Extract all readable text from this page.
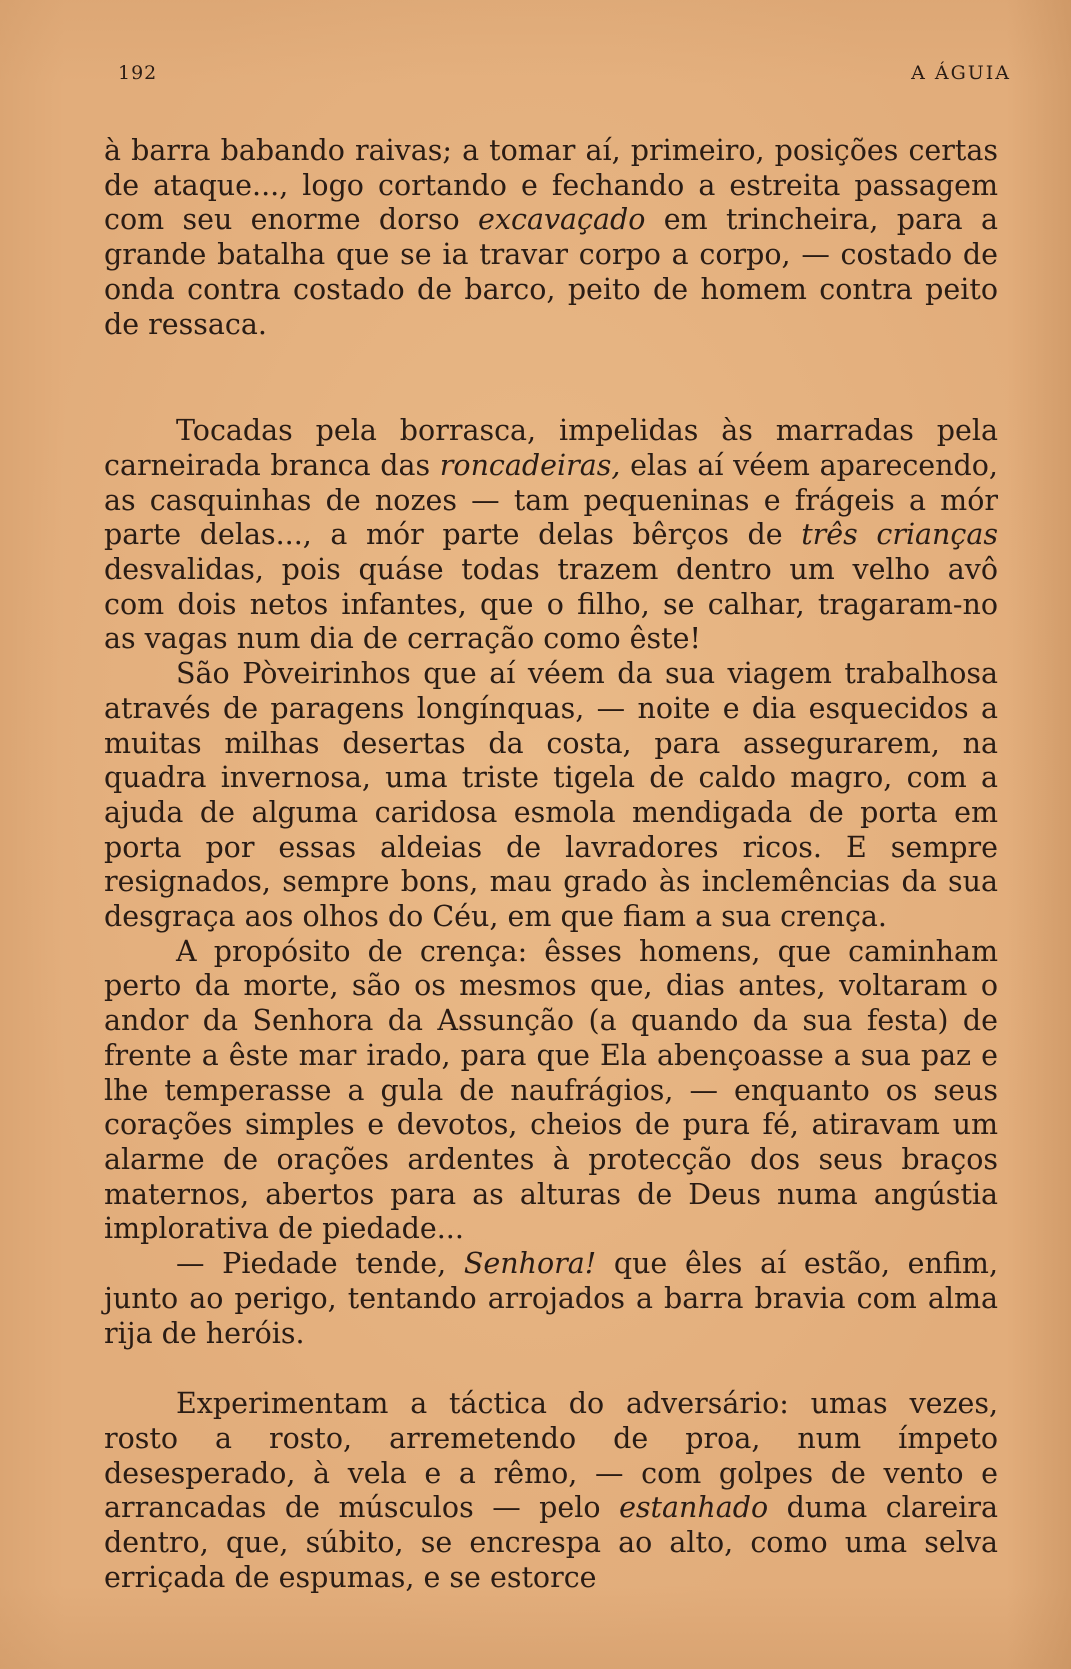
192	A ÁGUIA

à barra babando raivas; a tomar aí, primeiro, posições certas de ataque..., logo cortando e fechando a estreita passagem com seu enorme dorso excavaçado em trincheira, para a grande batalha que se ia travar corpo a corpo, — costado de onda contra costado de barco, peito de homem contra peito de ressaca.

Tocadas pela borrasca, impelidas às marradas pela carneirada branca das roncadeiras, elas aí véem aparecendo, as casquinhas de nozes — tam pequeninas e frágeis a mór parte delas..., a mór parte delas bêrços de três crianças desvalidas, pois quáse todas trazem dentro um velho avô com dois netos infantes, que o filho, se calhar, tragaram-no as vagas num dia de cerração como êste!

São Pòveirinhos que aí véem da sua viagem trabalhosa através de paragens longínquas, — noite e dia esquecidos a muitas milhas desertas da costa, para assegurarem, na quadra invernosa, uma triste tigela de caldo magro, com a ajuda de alguma caridosa esmola mendigada de porta em porta por essas aldeias de lavradores ricos. E sempre resignados, sempre bons, mau grado às inclemências da sua desgraça aos olhos do Céu, em que fiam a sua crença.

A propósito de crença: êsses homens, que caminham perto da morte, são os mesmos que, dias antes, voltaram o andor da Senhora da Assunção (a quando da sua festa) de frente a êste mar irado, para que Ela abençoasse a sua paz e lhe temperasse a gula de naufrágios, — enquanto os seus corações simples e devotos, cheios de pura fé, atiravam um alarme de orações ardentes à protecção dos seus braços maternos, abertos para as alturas de Deus numa angústia implorativa de piedade...

— Piedade tende, Senhora! que êles aí estão, enfim, junto ao perigo, tentando arrojados a barra bravia com alma rija de heróis.

Experimentam a táctica do adversário: umas vezes, rosto a rosto, arremetendo de proa, num ímpeto desesperado, à vela e a rêmo, — com golpes de vento e arrancadas de músculos — pelo estanhado duma clareira dentro, que, súbito, se encrespa ao alto, como uma selva erriçada de espumas, e se estorce
